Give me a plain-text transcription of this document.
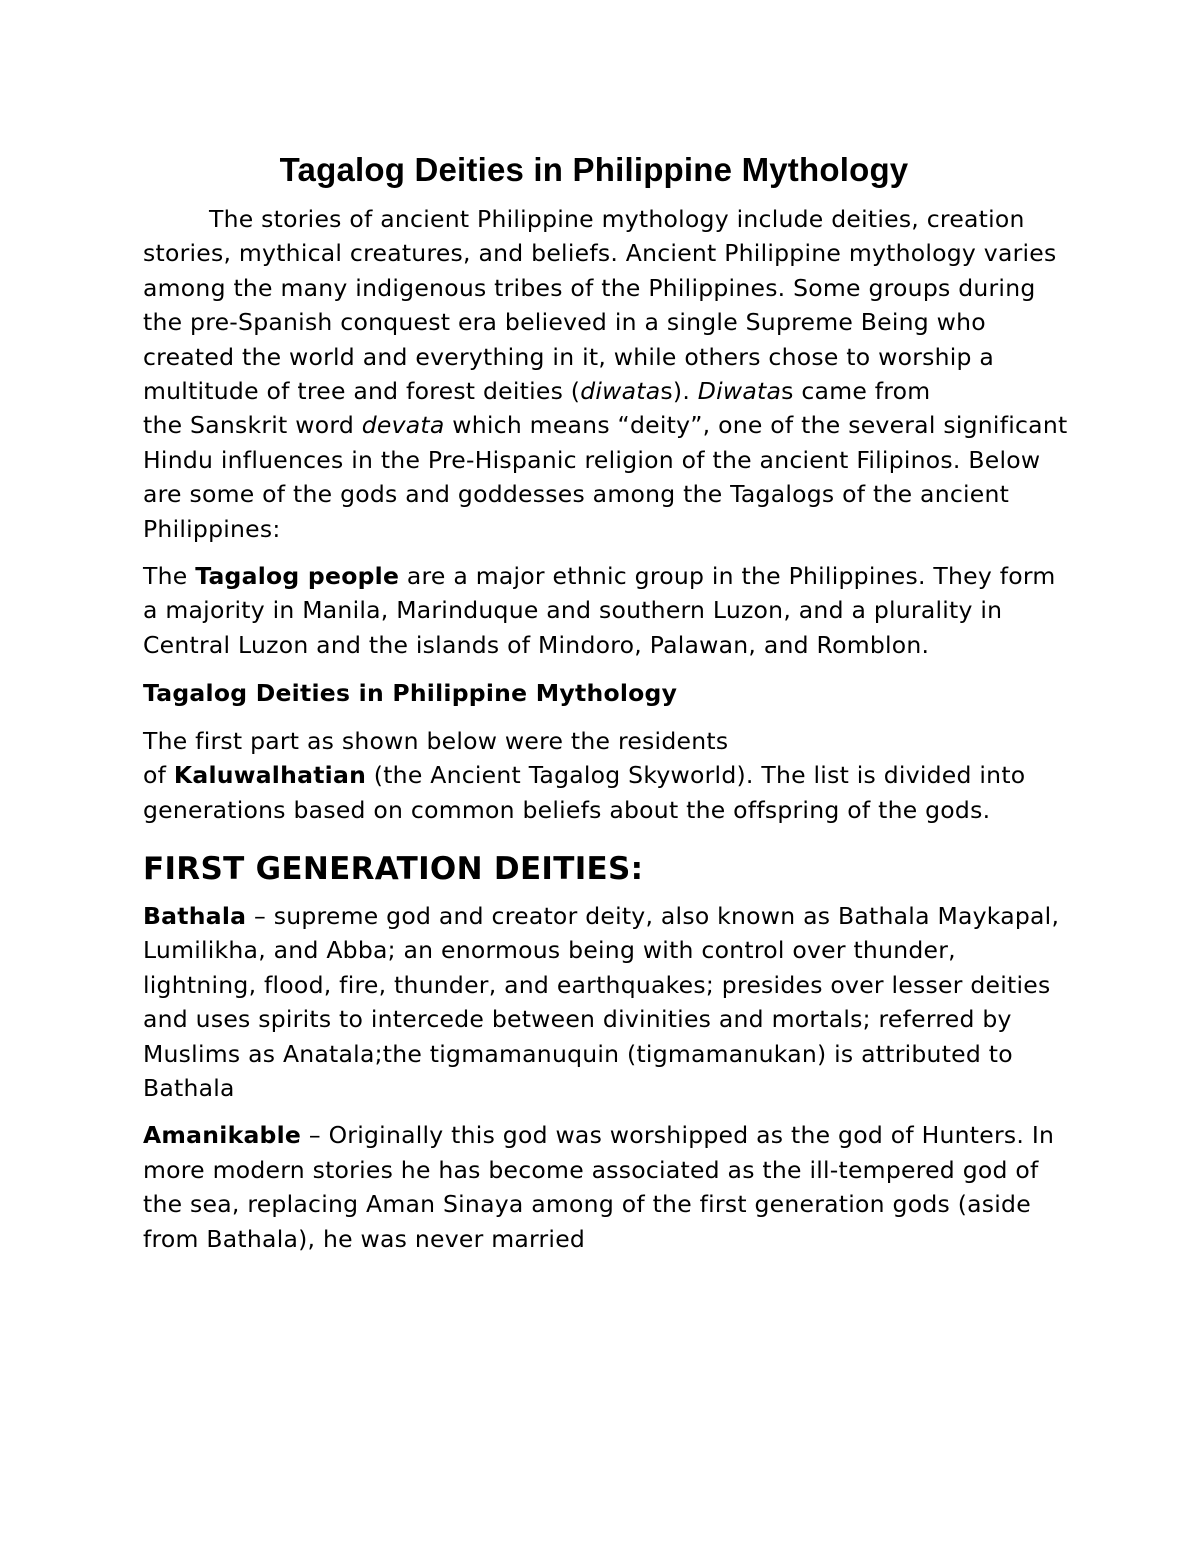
Tagalog Deities in Philippine Mythology

The stories of ancient Philippine mythology include deities, creation stories, mythical creatures, and beliefs. Ancient Philippine mythology varies among the many indigenous tribes of the Philippines. Some groups during the pre-Spanish conquest era believed in a single Supreme Being who created the world and everything in it, while others chose to worship a multitude of tree and forest deities (diwatas). Diwatas came from
the Sanskrit word devata which means “deity”, one of the several significant Hindu influences in the Pre-Hispanic religion of the ancient Filipinos. Below are some of the gods and goddesses among the Tagalogs of the ancient Philippines:

The Tagalog people are a major ethnic group in the Philippines. They form a majority in Manila, Marinduque and southern Luzon, and a plurality in Central Luzon and the islands of Mindoro, Palawan, and Romblon.

Tagalog Deities in Philippine Mythology

The first part as shown below were the residents
of Kaluwalhatian (the Ancient Tagalog Skyworld). The list is divided into generations based on common beliefs about the offspring of the gods.

FIRST GENERATION DEITIES:

Bathala – supreme god and creator deity, also known as Bathala Maykapal, Lumilikha, and Abba; an enormous being with control over thunder, lightning, flood, fire, thunder, and earthquakes; presides over lesser deities and uses spirits to intercede between divinities and mortals; referred by Muslims as Anatala;the tigmamanuquin (tigmamanukan) is attributed to Bathala

Amanikable – Originally this god was worshipped as the god of Hunters. In more modern stories he has become associated as the ill-tempered god of the sea, replacing Aman Sinaya among of the first generation gods (aside from Bathala), he was never married
